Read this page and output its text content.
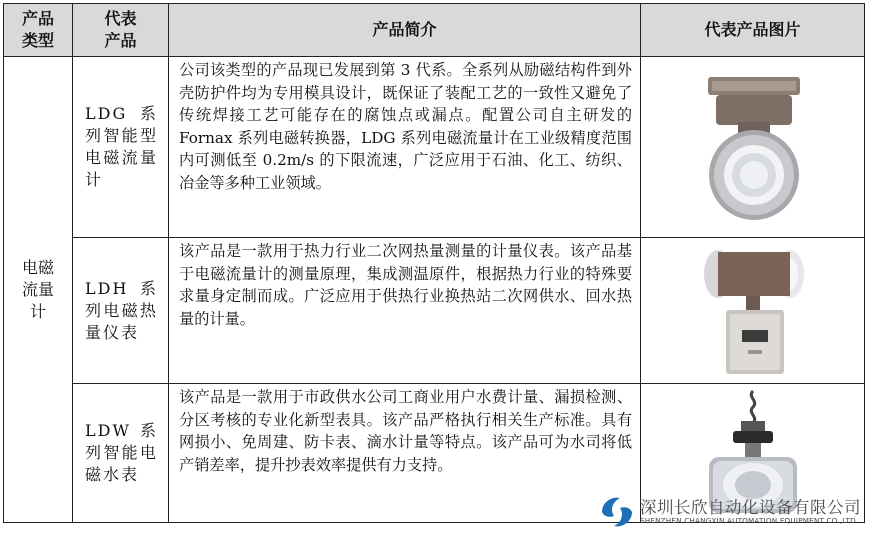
产品类型	代表产品	产品简介	代表产品图片

电磁流量计	LDG 系列智能型电磁流量计	公司该类型的产品现已发展到第 3 代系。全系列从励磁结构件到外壳防护件均为专用模具设计，既保证了装配工艺的一致性又避免了传统焊接工艺可能存在的腐蚀点或漏点。配置公司自主研发的 Fornax 系列电磁转换器，LDG 系列电磁流量计在工业级精度范围内可测低至 0.2m/s 的下限流速，广泛应用于石油、化工、纺织、冶金等多种工业领域。	

	LDH 系列电磁热量仪表	该产品是一款用于热力行业二次网热量测量的计量仪表。该产品基于电磁流量计的测量原理，集成测温原件，根据热力行业的特殊要求量身定制而成。广泛应用于供热行业换热站二次网供水、回水热量的计量。	

	LDW 系列智能电磁水表	该产品是一款用于市政供水公司工商业用户水费计量、漏损检测、分区考核的专业化新型表具。该产品严格执行相关生产标准。具有网损小、免周建、防卡表、滴水计量等特点。该产品可为水司将低产销差率，提升抄表效率提供有力支持。	
深圳长欣自动化设备有限公司
SHENZHEN CHANGXIN AUTOMATION EQUIPMENT CO.,LTD
